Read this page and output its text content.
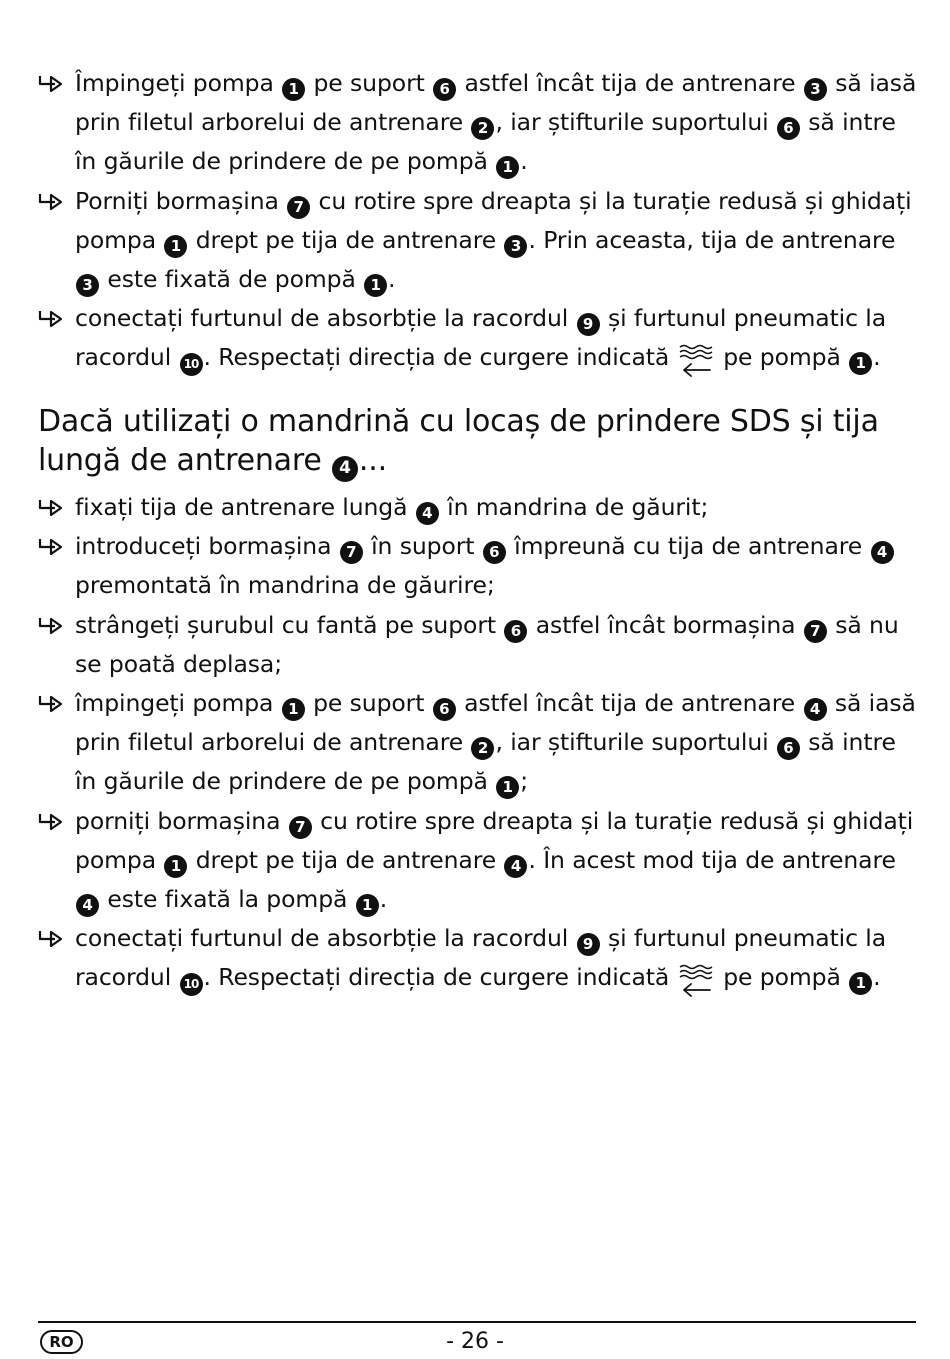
Împingeți pompa 1 pe suport 6 astfel încât tija de antrenare 3 să iasă prin filetul arborelui de antrenare 2 , iar știfturile suportului 6 să intre în găurile de prindere de pe pompă 1 .
Porniți bormașina 7 cu rotire spre dreapta și la turație redusă și ghidați pompa 1 drept pe tija de antrenare 3 . Prin aceasta, tija de antrenare 3 este fixată de pompă 1 .
conectați furtunul de absorbție la racordul 9 și furtunul pneumatic la racordul 10 . Respectați direcția de curgere indicată pe pompă 1 .
Dacă utilizați o mandrină cu locaș de prindere SDS și tija lungă de antrenare 4 ...
fixați tija de antrenare lungă 4 în mandrina de găurit;
introduceți bormașina 7 în suport 6 împreună cu tija de antrenare 4 premontată în mandrina de găurire;
strângeți șurubul cu fantă pe suport 6 astfel încât bormașina 7 să nu se poată deplasa;
împingeți pompa 1 pe suport 6 astfel încât tija de antrenare 4 să iasă prin filetul arborelui de antrenare 2 , iar știfturile suportului 6 să intre în găurile de prindere de pe pompă 1 ;
porniți bormașina 7 cu rotire spre dreapta și la turație redusă și ghidați pompa 1 drept pe tija de antrenare 4 . În acest mod tija de antrenare 4 este fixată la pompă 1 .
conectați furtunul de absorbție la racordul 9 și furtunul pneumatic la racordul 10 . Respectați direcția de curgere indicată pe pompă 1 .
RO	- 26 -
